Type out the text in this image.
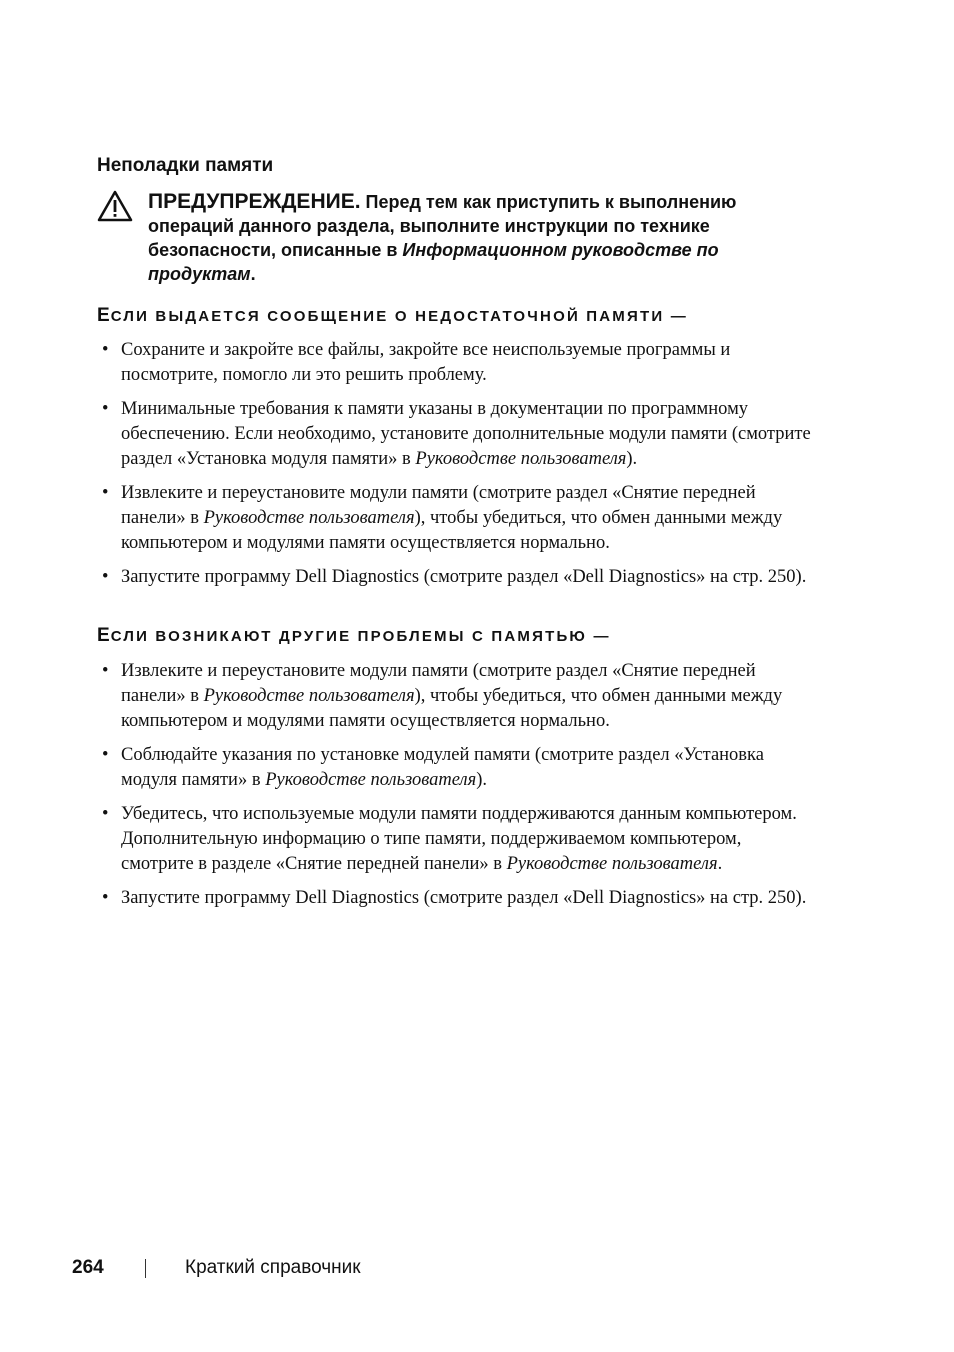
Неполадки памяти

ПРЕДУПРЕЖДЕНИЕ. Перед тем как приступить к выполнению операций данного раздела, выполните инструкции по технике безопасности, описанные в Информационном руководстве по продуктам.

ЕСЛИ ВЫДАЕТСЯ СООБЩЕНИЕ О НЕДОСТАТОЧНОЙ ПАМЯТИ —
• Сохраните и закройте все файлы, закройте все неиспользуемые программы и посмотрите, помогло ли это решить проблему.
• Минимальные требования к памяти указаны в документации по программному обеспечению. Если необходимо, установите дополнительные модули памяти (смотрите раздел «Установка модуля памяти» в Руководстве пользователя).
• Извлеките и переустановите модули памяти (смотрите раздел «Снятие передней панели» в Руководстве пользователя), чтобы убедиться, что обмен данными между компьютером и модулями памяти осуществляется нормально.
• Запустите программу Dell Diagnostics (смотрите раздел «Dell Diagnostics» на стр. 250).
ЕСЛИ ВОЗНИКАЮТ ДРУГИЕ ПРОБЛЕМЫ С ПАМЯТЬЮ —
• Извлеките и переустановите модули памяти (смотрите раздел «Снятие передней панели» в Руководстве пользователя), чтобы убедиться, что обмен данными между компьютером и модулями памяти осуществляется нормально.
• Соблюдайте указания по установке модулей памяти (смотрите раздел «Установка модуля памяти» в Руководстве пользователя).
• Убедитесь, что используемые модули памяти поддерживаются данным компьютером. Дополнительную информацию о типе памяти, поддерживаемом компьютером, смотрите в разделе «Снятие передней панели» в Руководстве пользователя.
• Запустите программу Dell Diagnostics (смотрите раздел «Dell Diagnostics» на стр. 250).
264	Краткий справочник
